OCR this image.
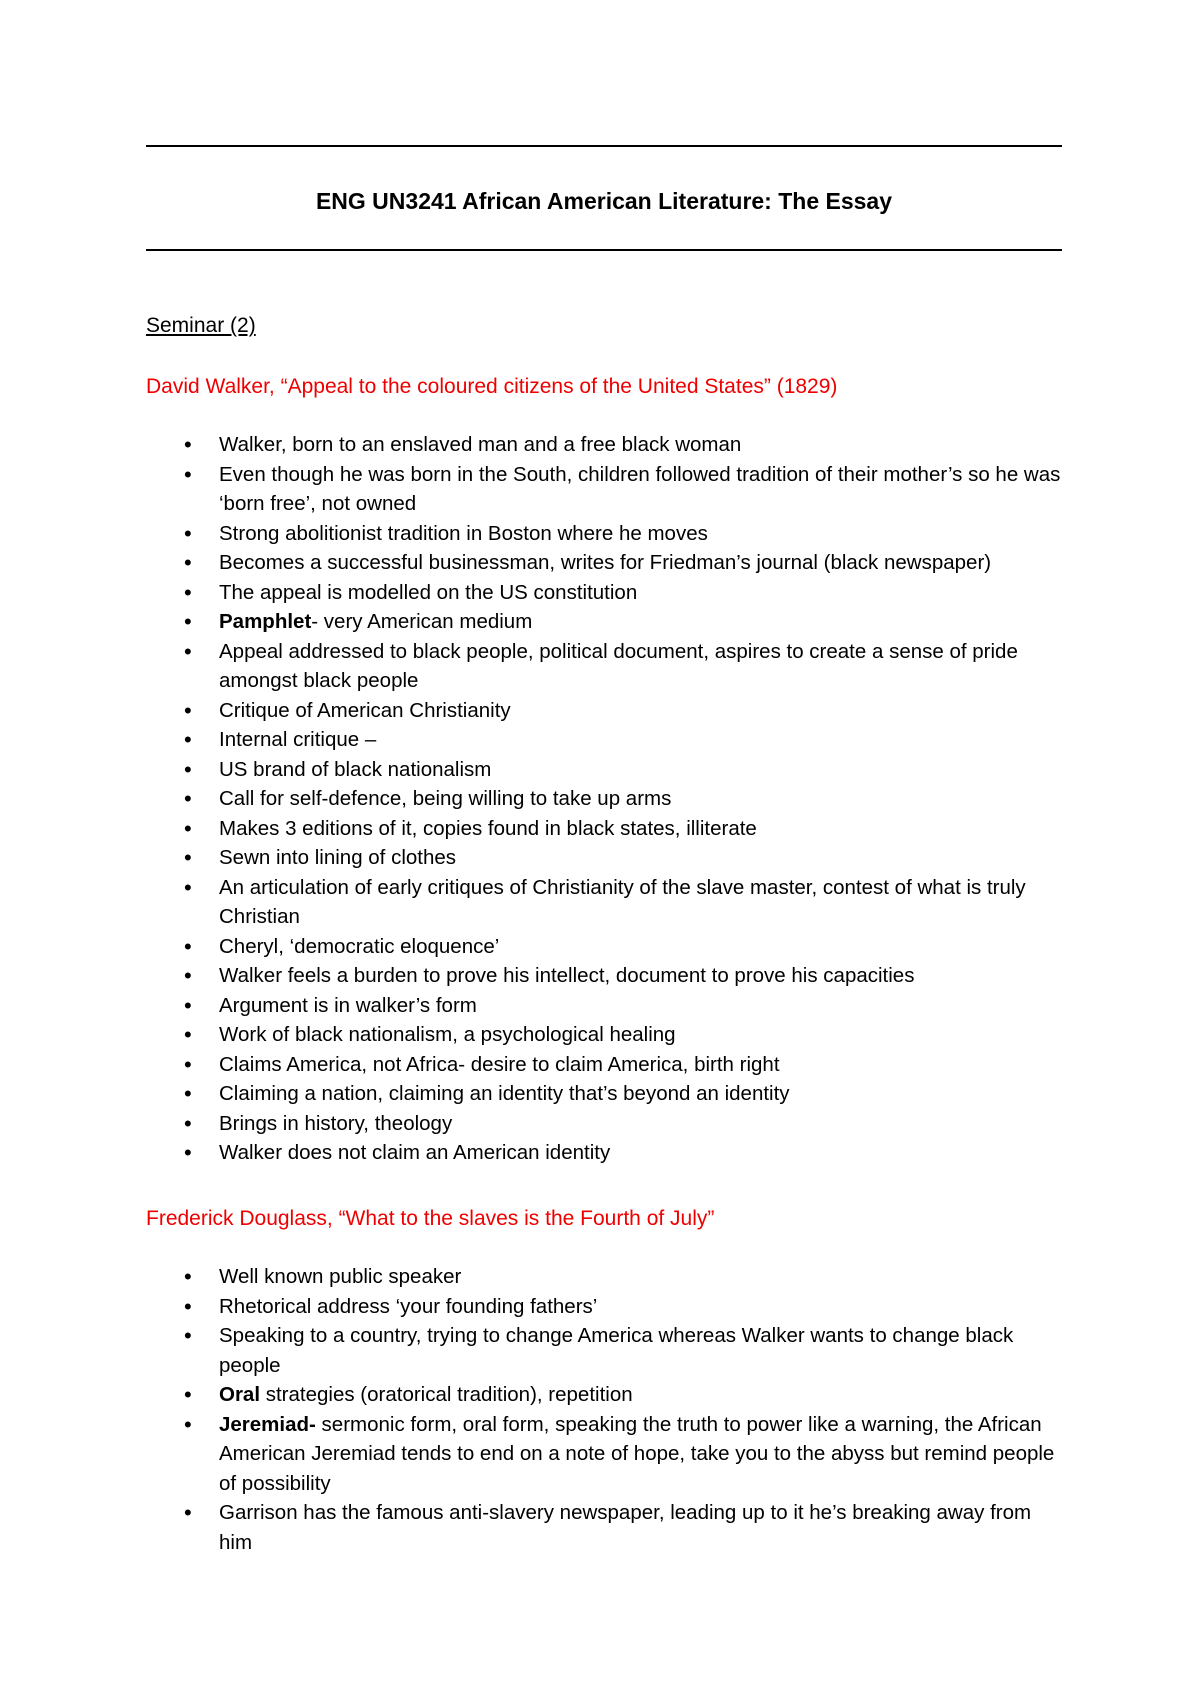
ENG UN3241 African American Literature: The Essay
Seminar (2)
David Walker, “Appeal to the coloured citizens of the United States” (1829)
• Walker, born to an enslaved man and a free black woman
• Even though he was born in the South, children followed tradition of their mother’s so he was ‘born free’, not owned
• Strong abolitionist tradition in Boston where he moves
• Becomes a successful businessman, writes for Friedman’s journal (black newspaper)
• The appeal is modelled on the US constitution
• Pamphlet- very American medium
• Appeal addressed to black people, political document, aspires to create a sense of pride amongst black people
• Critique of American Christianity
• Internal critique –
• US brand of black nationalism
• Call for self-defence, being willing to take up arms
• Makes 3 editions of it, copies found in black states, illiterate
• Sewn into lining of clothes
• An articulation of early critiques of Christianity of the slave master, contest of what is truly Christian
• Cheryl, ‘democratic eloquence’
• Walker feels a burden to prove his intellect, document to prove his capacities
• Argument is in walker’s form
• Work of black nationalism, a psychological healing
• Claims America, not Africa- desire to claim America, birth right
• Claiming a nation, claiming an identity that’s beyond an identity
• Brings in history, theology
• Walker does not claim an American identity
Frederick Douglass, “What to the slaves is the Fourth of July”
• Well known public speaker
• Rhetorical address ‘your founding fathers’
• Speaking to a country, trying to change America whereas Walker wants to change black people
• Oral strategies (oratorical tradition), repetition
• Jeremiad- sermonic form, oral form, speaking the truth to power like a warning, the African American Jeremiad tends to end on a note of hope, take you to the abyss but remind people of possibility
• Garrison has the famous anti-slavery newspaper, leading up to it he’s breaking away from him
